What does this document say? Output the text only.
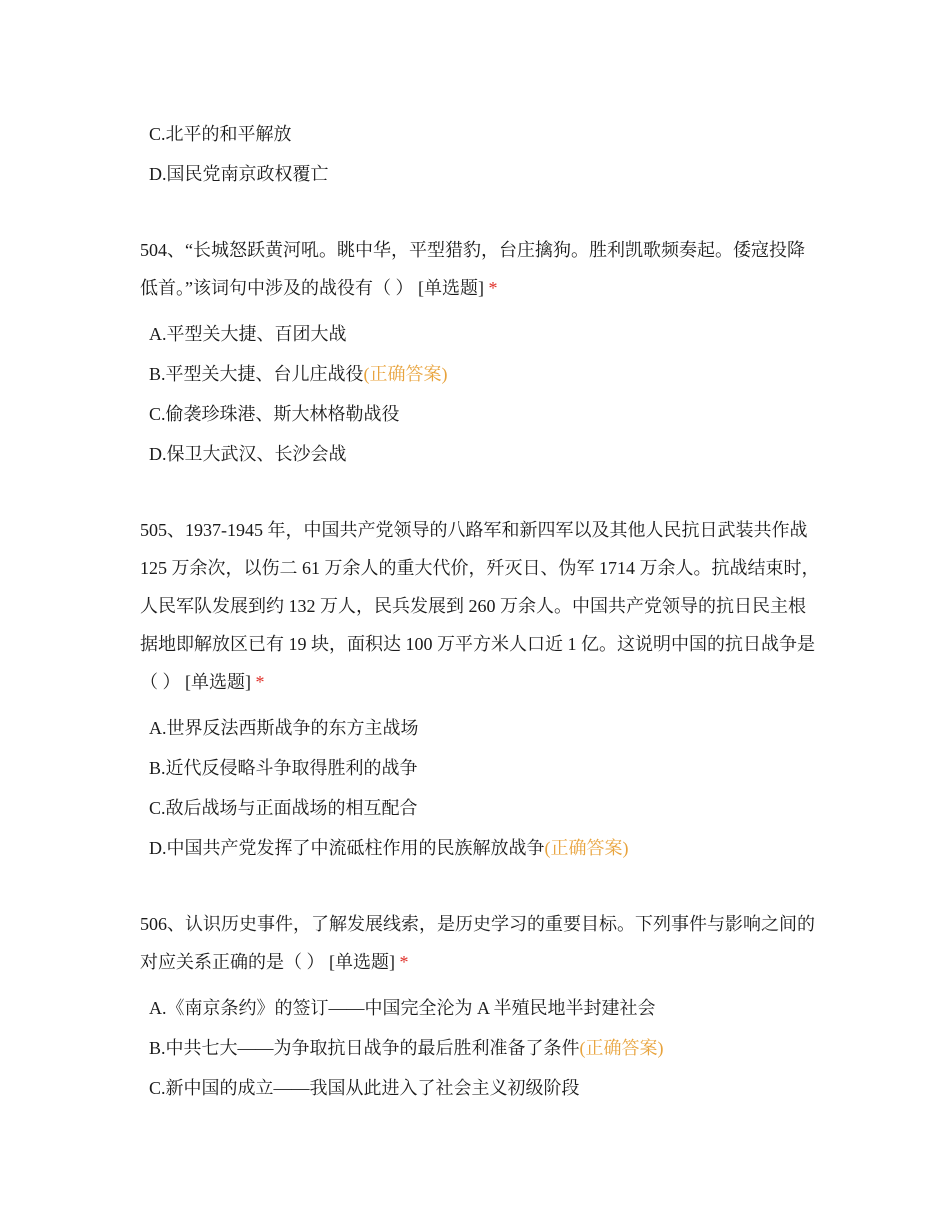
C.北平的和平解放
D.国民党南京政权覆亡
504、“长城怒跃黄河吼。眺中华，平型猎豹，台庄擒狗。胜利凯歌频奏起。倭寇投降低首。”该词句中涉及的战役有（ ） [单选题] *
A.平型关大捷、百团大战
B.平型关大捷、台儿庄战役(正确答案)
C.偷袭珍珠港、斯大林格勒战役
D.保卫大武汉、长沙会战
505、1937-1945 年，中国共产党领导的八路军和新四军以及其他人民抗日武装共作战 125 万余次，以伤二 61 万余人的重大代价，歼灭日、伪军 1714 万余人。抗战结束时，人民军队发展到约 132 万人，民兵发展到 260 万余人。中国共产党领导的抗日民主根据地即解放区已有 19 块，面积达 100 万平方米人口近 1 亿。这说明中国的抗日战争是（ ） [单选题] *
A.世界反法西斯战争的东方主战场
B.近代反侵略斗争取得胜利的战争
C.敌后战场与正面战场的相互配合
D.中国共产党发挥了中流砥柱作用的民族解放战争(正确答案)
506、认识历史事件，了解发展线索，是历史学习的重要目标。下列事件与影响之间的对应关系正确的是（ ） [单选题] *
A.《南京条约》的签订——中国完全沦为 A 半殖民地半封建社会
B.中共七大——为争取抗日战争的最后胜利准备了条件(正确答案)
C.新中国的成立——我国从此进入了社会主义初级阶段
